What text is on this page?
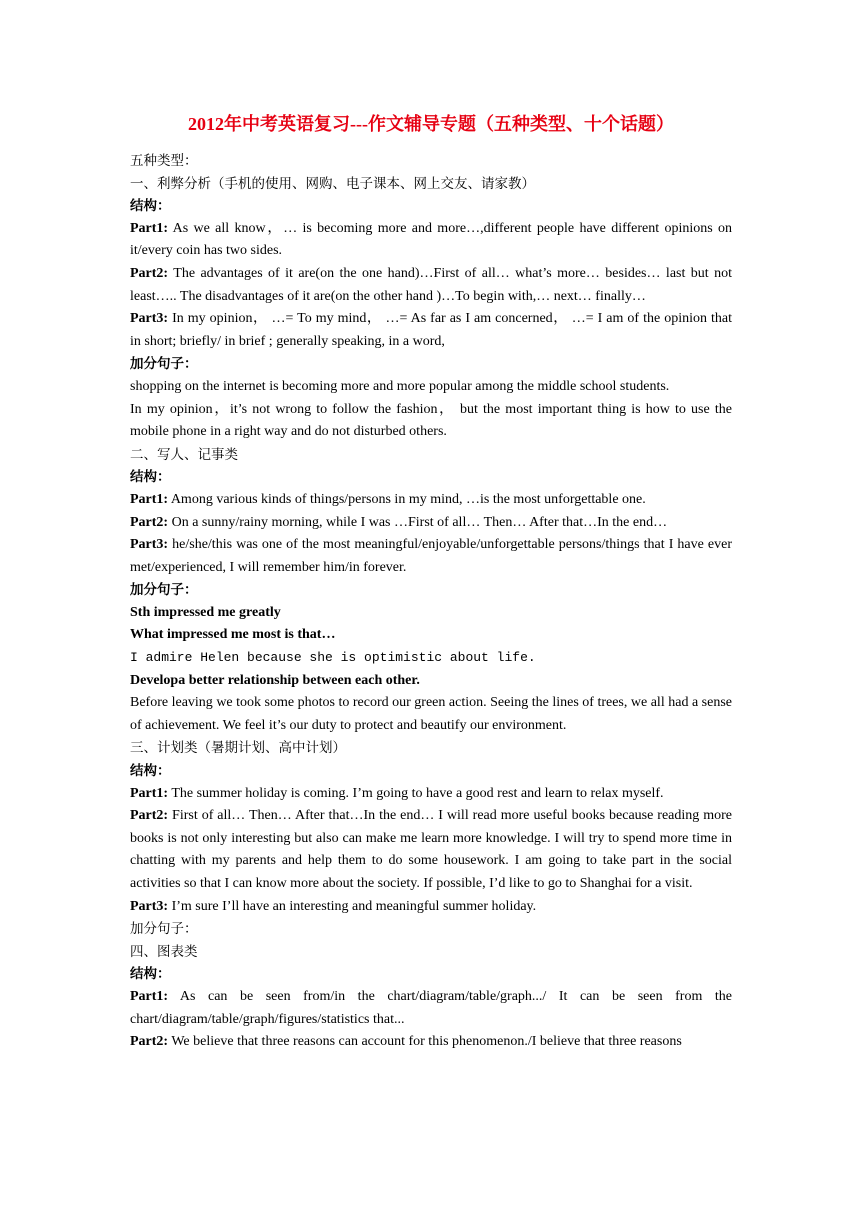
2012年中考英语复习---作文辅导专题（五种类型、十个话题）

五种类型：

一、利弊分析（手机的使用、网购、电子课本、网上交友、请家教）

结构：

Part1: As we all know，… is becoming more and more…,different people have different opinions on it/every coin has two sides.

Part2: The advantages of it are(on the one hand)…First of all… what’s more… besides… last but not least….. The disadvantages of it are(on the other hand )…To begin with,… next… finally…

Part3: In my opinion， …= To my mind， …= As far as I am concerned， …= I am of the opinion that in short; briefly/ in brief ; generally speaking, in a word,

加分句子：

shopping on the internet is becoming more and more popular among the middle school students.

In my opinion，it’s not wrong to follow the fashion， but the most important thing is how to use the mobile phone in a right way and do not disturbed others.

二、写人、记事类

结构：

Part1: Among various kinds of things/persons in my mind, …is the most unforgettable one.

Part2: On a sunny/rainy morning, while I was …First of all… Then… After that…In the end…

Part3: he/she/this was one of the most meaningful/enjoyable/unforgettable persons/things that I have ever met/experienced, I will remember him/in forever.

加分句子：

Sth impressed me greatly

What impressed me most is that…

I admire Helen because she is optimistic about life.

Developa better relationship between each other.

Before leaving we took some photos to record our green action. Seeing the lines of trees, we all had a sense of achievement. We feel it’s our duty to protect and beautify our environment.

三、计划类（暑期计划、高中计划）

结构：

Part1: The summer holiday is coming. I’m going to have a good rest and learn to relax myself.

Part2: First of all… Then… After that…In the end… I will read more useful books because reading more books is not only interesting but also can make me learn more knowledge. I will try to spend more time in chatting with my parents and help them to do some housework. I am going to take part in the social activities so that I can know more about the society. If possible, I’d like to go to Shanghai for a visit.

Part3: I’m sure I’ll have an interesting and meaningful summer holiday.

加分句子：

四、图表类

结构：

Part1: As can be seen from/in the chart/diagram/table/graph.../ It can be seen from the chart/diagram/table/graph/figures/statistics that...

Part2: We believe that three reasons can account for this phenomenon./I believe that three reasons
